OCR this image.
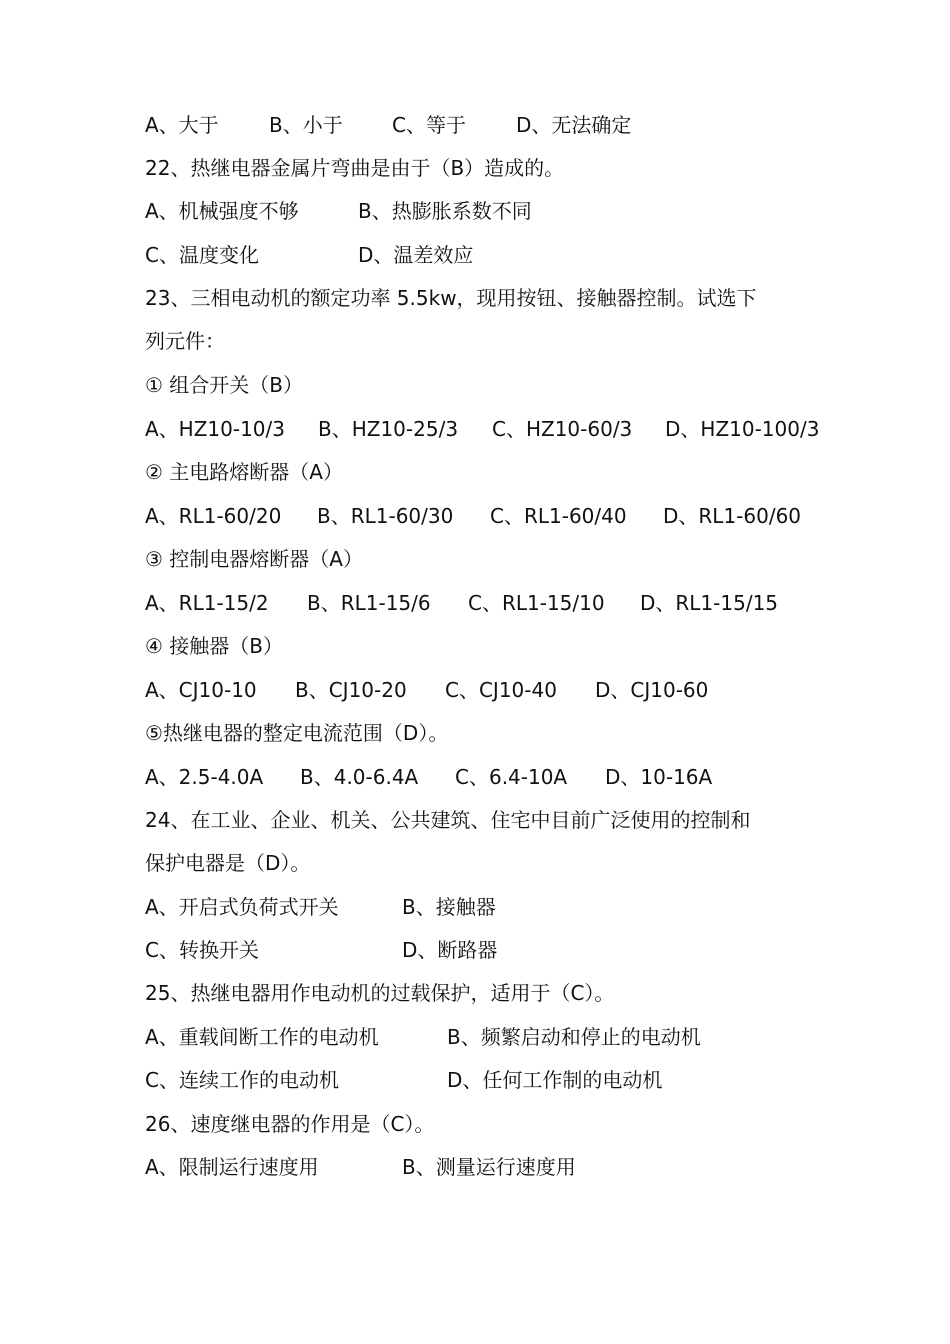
A、大于	B、小于 C、等于	D、无法确定
22、热继电器金属片弯曲是由于（B）造成的。
A、机械强度不够	B、热膨胀系数不同
C、温度变化	D、温差效应
23、三相电动机的额定功率 5.5kw，现用按钮、接触器控制。试选下
列元件：
① 组合开关（B）
A、HZ10-10/3 B、HZ10-25/3 C、HZ10-60/3 D、HZ10-100/3
② 主电路熔断器（A）
A、RL1-60/20 B、RL1-60/30 C、RL1-60/40 D、RL1-60/60
③ 控制电器熔断器（A）
A、RL1-15/2 B、RL1-15/6 C、RL1-15/10 D、RL1-15/15
④ 接触器（B）
A、CJ10-10 B、CJ10-20 C、CJ10-40 D、CJ10-60
⑤热继电器的整定电流范围（D）。
A、2.5-4.0A B、4.0-6.4A C、6.4-10A D、10-16A
24、在工业、企业、机关、公共建筑、住宅中目前广泛使用的控制和
保护电器是（D）。
A、开启式负荷式开关	B、接触器
C、转换开关	D、断路器
25、热继电器用作电动机的过载保护，适用于（C）。
A、重载间断工作的电动机	B、频繁启动和停止的电动机
C、连续工作的电动机	D、任何工作制的电动机
26、速度继电器的作用是（C）。
A、限制运行速度用	B、测量运行速度用
